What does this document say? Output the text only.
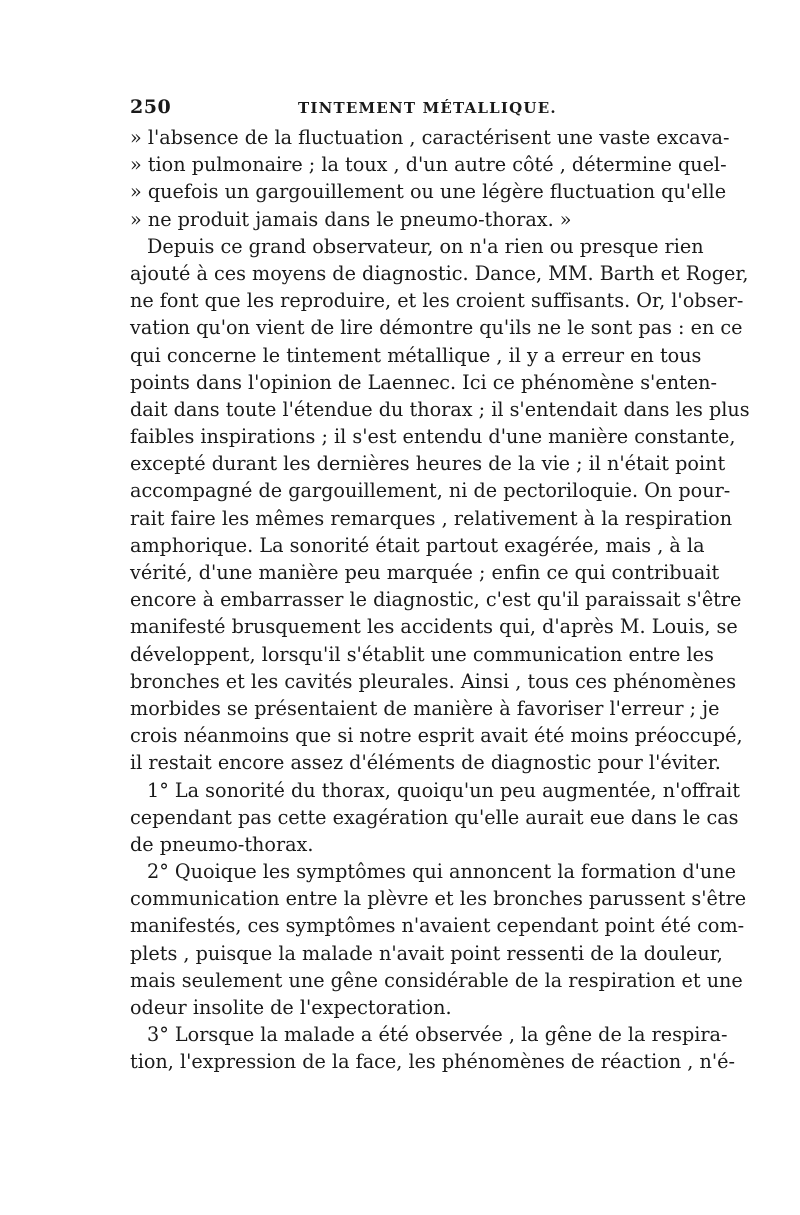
250	TINTEMENT MÉTALLIQUE.
» l'absence de la fluctuation , caractérisent une vaste excava-
» tion pulmonaire ; la toux , d'un autre côté , détermine quel-
» quefois un gargouillement ou une légère fluctuation qu'elle
» ne produit jamais dans le pneumo-thorax. »
Depuis ce grand observateur, on n'a rien ou presque rien
ajouté à ces moyens de diagnostic. Dance, MM. Barth et Roger,
ne font que les reproduire, et les croient suffisants. Or, l'obser-
vation qu'on vient de lire démontre qu'ils ne le sont pas : en ce
qui concerne le tintement métallique , il y a erreur en tous
points dans l'opinion de Laennec. Ici ce phénomène s'enten-
dait dans toute l'étendue du thorax ; il s'entendait dans les plus
faibles inspirations ; il s'est entendu d'une manière constante,
excepté durant les dernières heures de la vie ; il n'était point
accompagné de gargouillement, ni de pectoriloquie. On pour-
rait faire les mêmes remarques , relativement à la respiration
amphorique. La sonorité était partout exagérée, mais , à la
vérité, d'une manière peu marquée ; enfin ce qui contribuait
encore à embarrasser le diagnostic, c'est qu'il paraissait s'être
manifesté brusquement les accidents qui, d'après M. Louis, se
développent, lorsqu'il s'établit une communication entre les
bronches et les cavités pleurales. Ainsi , tous ces phénomènes
morbides se présentaient de manière à favoriser l'erreur ; je
crois néanmoins que si notre esprit avait été moins préoccupé,
il restait encore assez d'éléments de diagnostic pour l'éviter.
1° La sonorité du thorax, quoiqu'un peu augmentée, n'offrait
cependant pas cette exagération qu'elle aurait eue dans le cas
de pneumo-thorax.
2° Quoique les symptômes qui annoncent la formation d'une
communication entre la plèvre et les bronches parussent s'être
manifestés, ces symptômes n'avaient cependant point été com-
plets , puisque la malade n'avait point ressenti de la douleur,
mais seulement une gêne considérable de la respiration et une
odeur insolite de l'expectoration.
3° Lorsque la malade a été observée , la gêne de la respira-
tion, l'expression de la face, les phénomènes de réaction , n'é-
